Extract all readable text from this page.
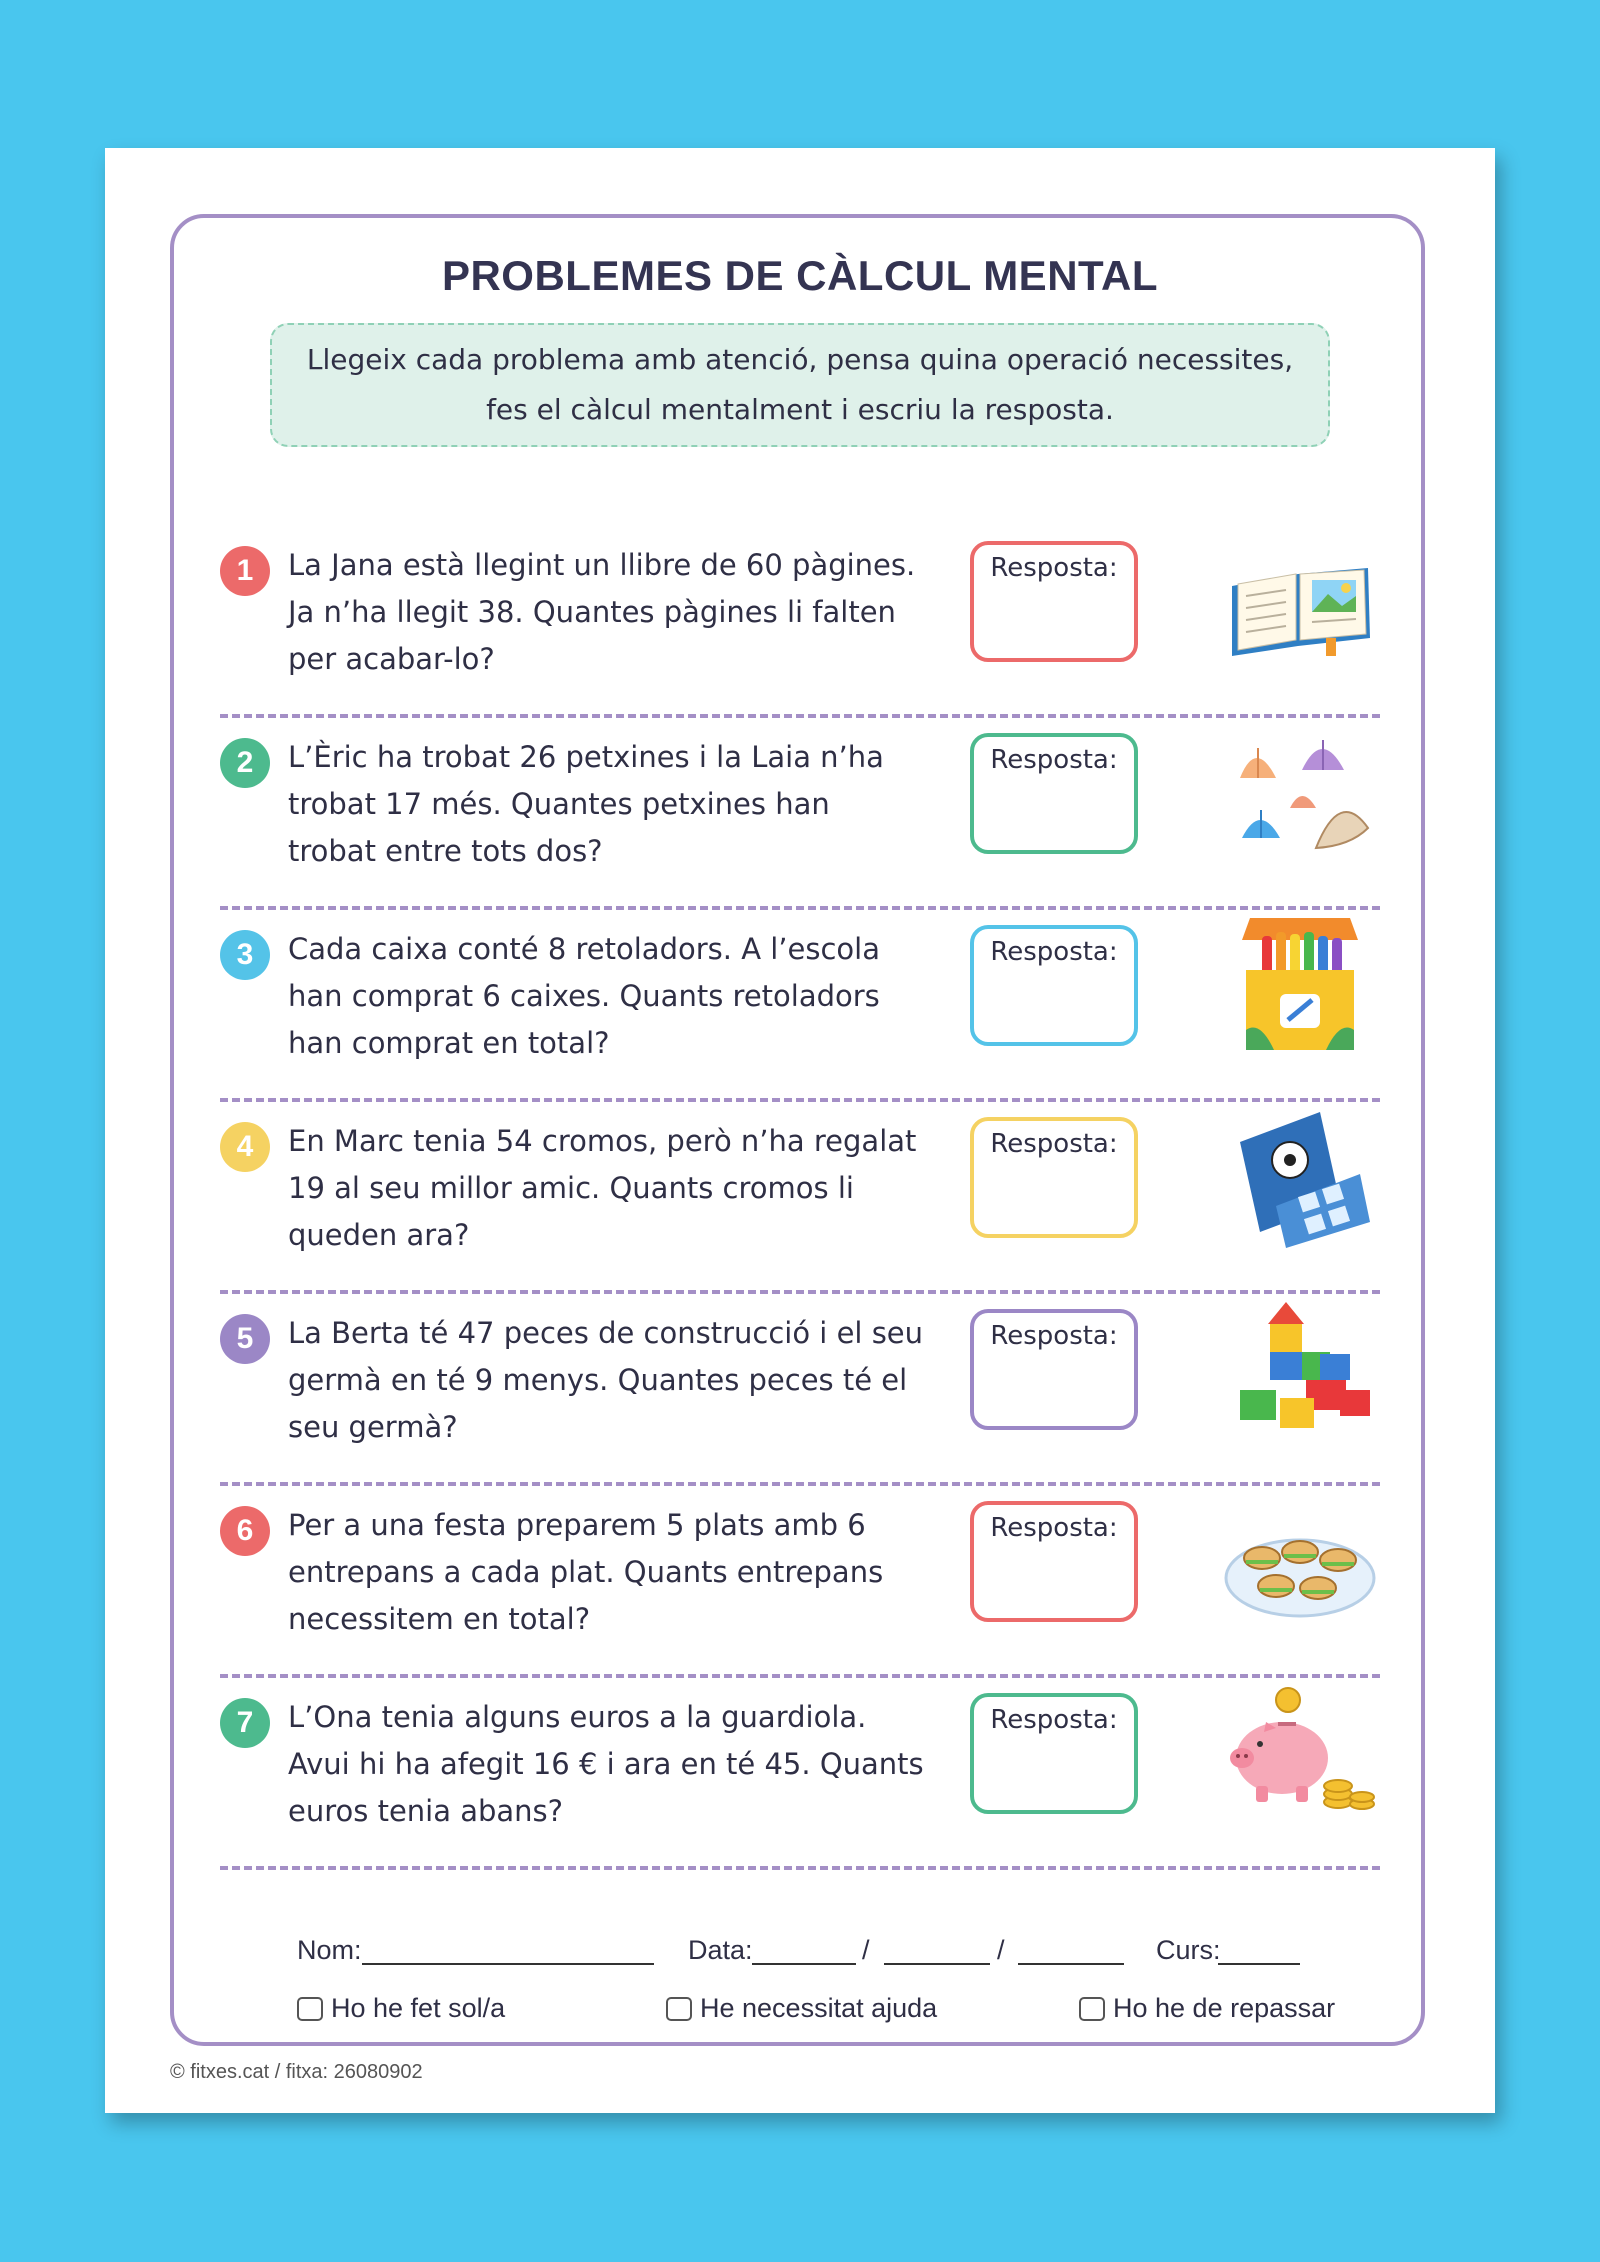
PROBLEMES DE CÀLCUL MENTAL
Llegeix cada problema amb atenció, pensa quina operació necessites,
fes el càlcul mentalment i escriu la resposta.
1	La Jana està llegint un llibre de 60 pàgines.
Ja n’ha llegit 38. Quantes pàgines li falten
per acabar-lo?
Resposta:
2	L’Èric ha trobat 26 petxines i la Laia n’ha
trobat 17 més. Quantes petxines han
trobat entre tots dos?
Resposta:
3	Cada caixa conté 8 retoladors. A l’escola
han comprat 6 caixes. Quants retoladors
han comprat en total?
Resposta:
4	En Marc tenia 54 cromos, però n’ha regalat
19 al seu millor amic. Quants cromos li
queden ara?
Resposta:
5	La Berta té 47 peces de construcció i el seu
germà en té 9 menys. Quantes peces té el
seu germà?
Resposta:
6	Per a una festa preparem 5 plats amb 6
entrepans a cada plat. Quants entrepans
necessitem en total?
Resposta:
7	L’Ona tenia alguns euros a la guardiola.
Avui hi ha afegit 16 € i ara en té 45. Quants
euros tenia abans?
Resposta:
Nom:	Data:	/	/	Curs:
Ho he fet sol/a	He necessitat ajuda	Ho he de repassar
© fitxes.cat / fitxa: 26080902
